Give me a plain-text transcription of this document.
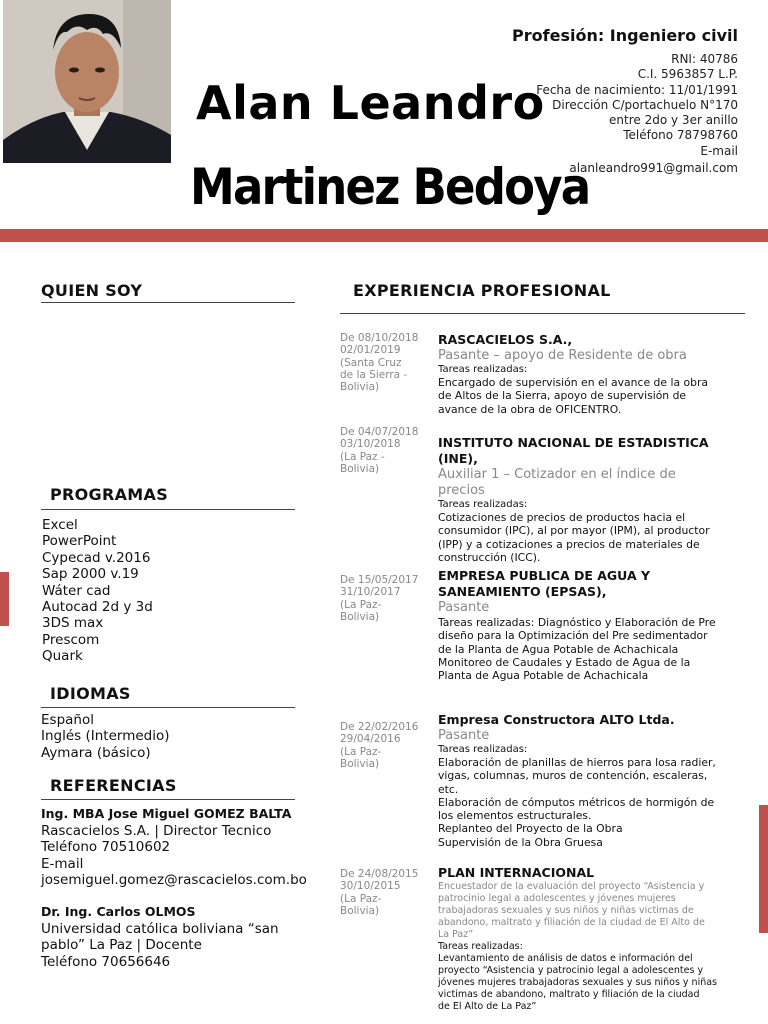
Alan Leandro
Martinez Bedoya
Profesión: Ingeniero civil
RNI: 40786
C.I. 5963857 L.P.
Fecha de nacimiento: 11/01/1991
Dirección C/portachuelo N°170
entre 2do y 3er anillo
Teléfono 78798760
E-mail
alanleandro991@gmail.com
QUIEN SOY
PROGRAMAS
Excel
PowerPoint
Cypecad v.2016
Sap 2000 v.19
Wáter cad
Autocad 2d y 3d
3DS max
Prescom
Quark
IDIOMAS
Español
Inglés (Intermedio)
Aymara (básico)
REFERENCIAS
Ing. MBA Jose Miguel GOMEZ BALTA
Rascacielos S.A. | Director Tecnico
Teléfono 70510602
E-mail
josemiguel.gomez@rascacielos.com.bo
Dr. Ing. Carlos OLMOS
Universidad católica boliviana “san
pablo” La Paz | Docente
Teléfono 70656646
EXPERIENCIA PROFESIONAL
De 08/10/2018
02/01/2019
(Santa Cruz
de la Sierra -
Bolivia)
RASCACIELOS S.A.,
Pasante – apoyo de Residente de obra
Tareas realizadas:
Encargado de supervisión en el avance de la obra
de Altos de la Sierra, apoyo de supervisión de
avance de la obra de OFICENTRO.
De 04/07/2018
03/10/2018
(La Paz -
Bolivia)
INSTITUTO NACIONAL DE ESTADISTICA (INE),
Auxiliar 1 – Cotizador en el índice de
precios
Tareas realizadas:
Cotizaciones de precios de productos hacia el
consumidor (IPC), al por mayor (IPM), al productor
(IPP) y a cotizaciones a precios de materiales de
construcción (ICC).
De 15/05/2017
31/10/2017
(La Paz-
Bolivia)
EMPRESA PUBLICA DE AGUA Y
SANEAMIENTO (EPSAS),
Pasante
Tareas realizadas: Diagnóstico y Elaboración de Pre
diseño para la Optimización del Pre sedimentador
de la Planta de Agua Potable de Achachicala
Monitoreo de Caudales y Estado de Agua de la
Planta de Agua Potable de Achachicala
De 22/02/2016
29/04/2016
(La Paz-
Bolivia)
Empresa Constructora ALTO Ltda.
Pasante
Tareas realizadas:
Elaboración de planillas de hierros para losa radier,
vigas, columnas, muros de contención, escaleras,
etc.
Elaboración de cómputos métricos de hormigón de
los elementos estructurales.
Replanteo del Proyecto de la Obra
Supervisión de la Obra Gruesa
De 24/08/2015
30/10/2015
(La Paz-
Bolivia)
PLAN INTERNACIONAL
Encuestador de la evaluación del proyecto “Asistencia y
patrocinio legal a adolescentes y jóvenes mujeres
trabajadoras sexuales y sus niños y niñas victimas de
abandono, maltrato y filiación de la ciudad de El Alto de
La Paz”
Tareas realizadas:
Levantamiento de análisis de datos e información del
proyecto “Asistencia y patrocinio legal a adolescentes y
jóvenes mujeres trabajadoras sexuales y sus niños y niñas
victimas de abandono, maltrato y filiación de la ciudad
de El Alto de La Paz”
